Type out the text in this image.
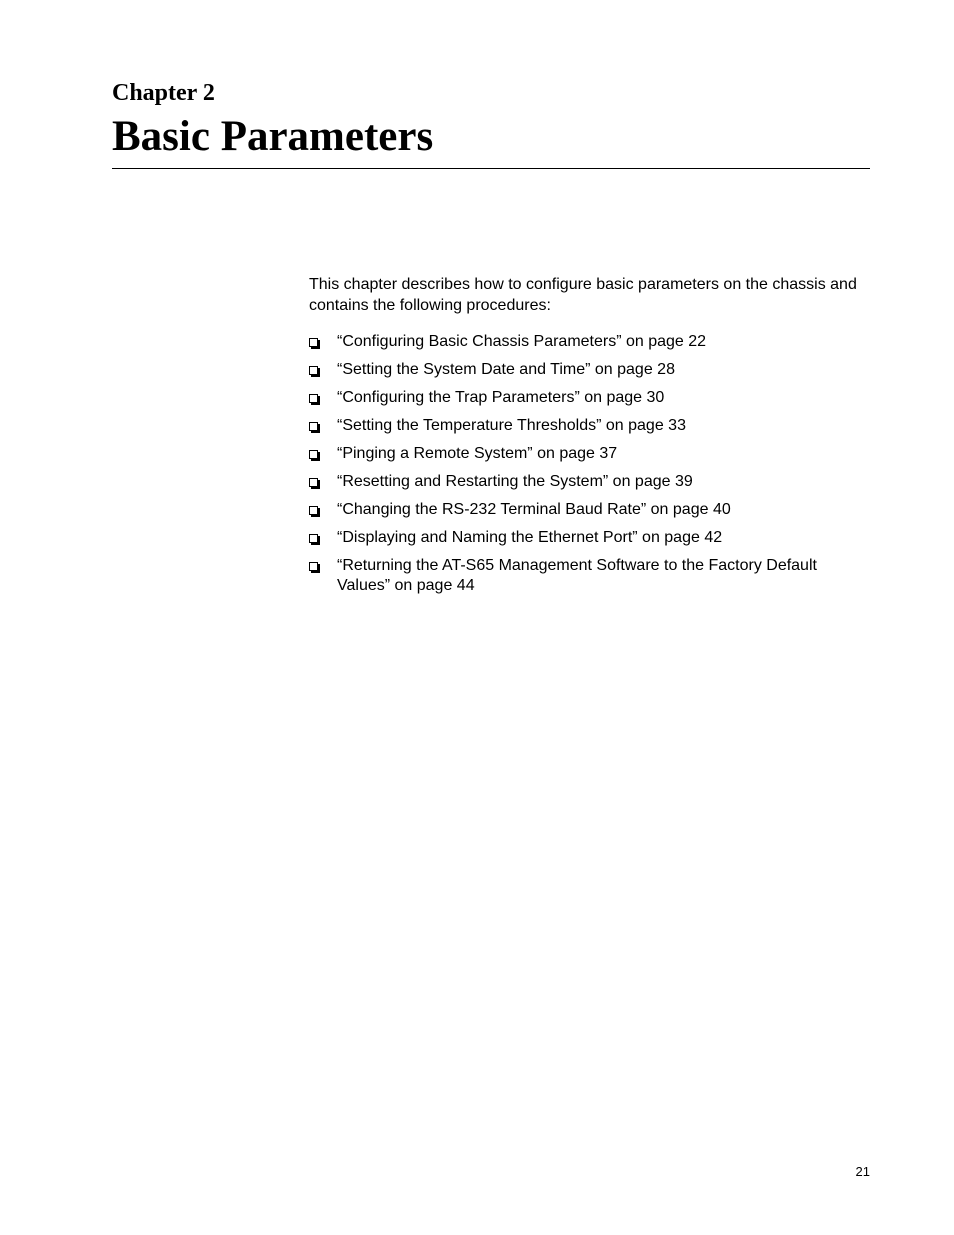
Chapter 2
Basic Parameters

This chapter describes how to configure basic parameters on the chassis and contains the following procedures:

“Configuring Basic Chassis Parameters” on page 22
“Setting the System Date and Time” on page 28
“Configuring the Trap Parameters” on page 30
“Setting the Temperature Thresholds” on page 33
“Pinging a Remote System” on page 37
“Resetting and Restarting the System” on page 39
“Changing the RS-232 Terminal Baud Rate” on page 40
“Displaying and Naming the Ethernet Port” on page 42
“Returning the AT-S65 Management Software to the Factory Default Values” on page 44
21
